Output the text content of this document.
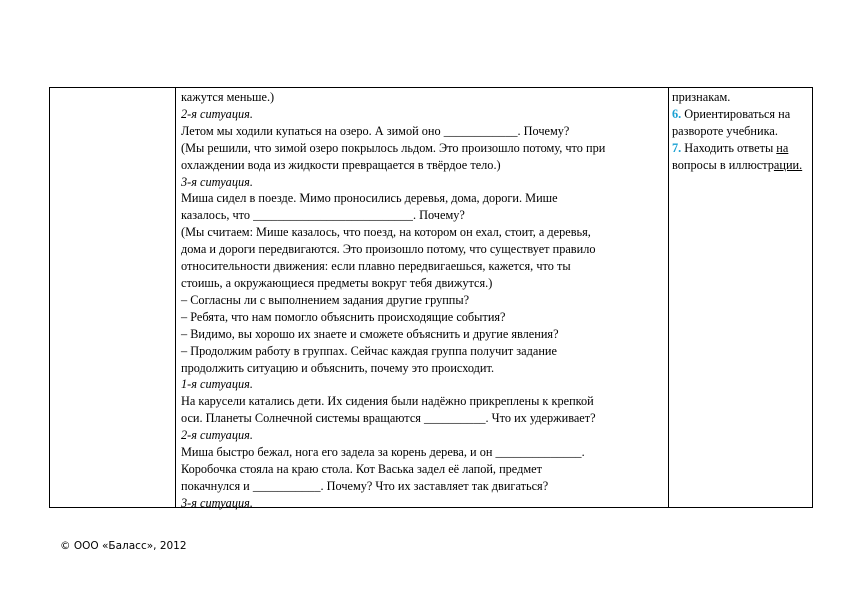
кажутся меньше.)
2-я ситуация.
Летом мы ходили купаться на озеро. А зимой оно ____________. Почему?
(Мы решили, что зимой озеро покрылось льдом. Это произошло потому, что при
охлаждении вода из жидкости превращается в твёрдое тело.)
3-я ситуация.
Миша сидел в поезде. Мимо проносились деревья, дома, дороги. Мише
казалось, что __________________________. Почему?
(Мы считаем: Мише казалось, что поезд, на котором он ехал, стоит, а деревья,
дома и дороги передвигаются. Это произошло потому, что существует правило
относительности движения: если плавно передвигаешься, кажется, что ты
стоишь, а окружающиеся предметы вокруг тебя движутся.)
– Согласны ли с выполнением задания другие группы?
– Ребята, что нам помогло объяснить происходящие события?
– Видимо, вы хорошо их знаете и сможете объяснить и другие явления?
– Продолжим работу в группах. Сейчас каждая группа получит задание
продолжить ситуацию и объяснить, почему это происходит.
1-я ситуация.
На карусели катались дети. Их сидения были надёжно прикреплены к крепкой
оси. Планеты Солнечной системы вращаются __________. Что их удерживает?
2-я ситуация.
Миша быстро бежал, нога его задела за корень дерева, и он ______________.
Коробочка стояла на краю стола. Кот Васька задел её лапой, предмет
покачнулся и ___________. Почему? Что их заставляет так двигаться?
3-я ситуация.
признакам.
6. Ориентироваться на
развороте учебника.
7. Находить ответы на
вопросы в иллюстрации.
© ООО «Баласс», 2012
